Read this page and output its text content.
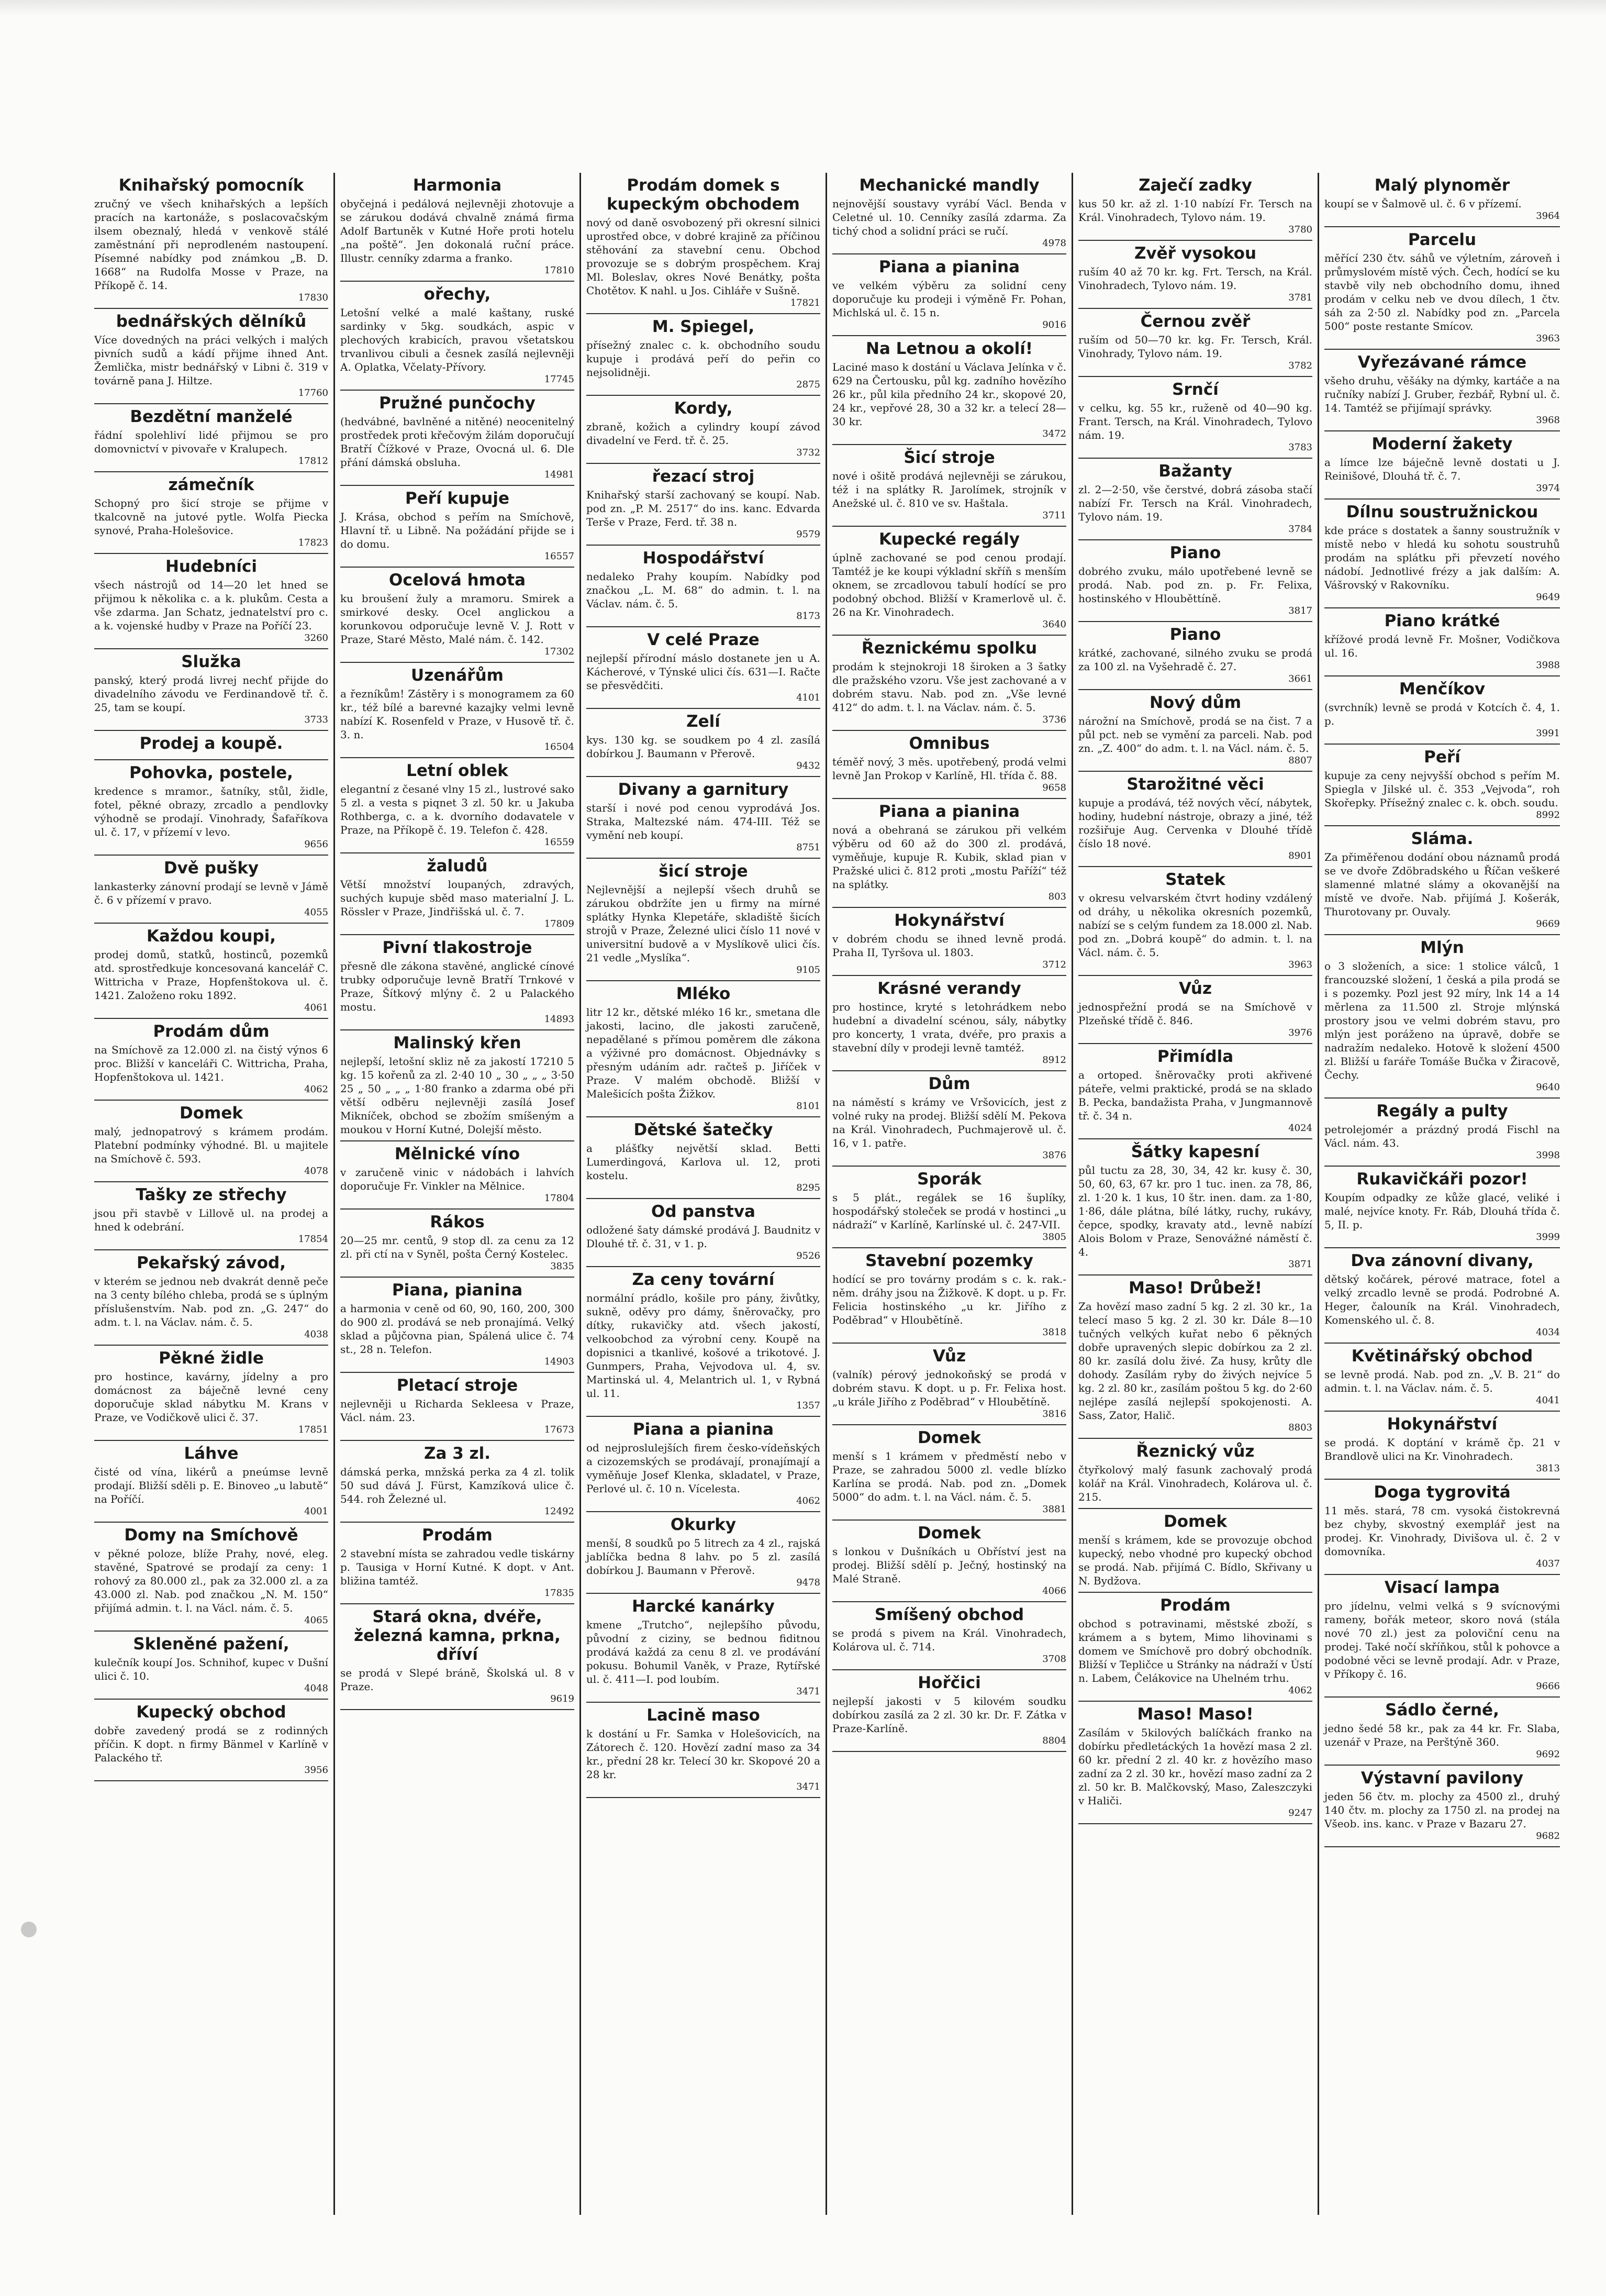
Knihařský pomocník

zručný ve všech knihařských a lepších pracích na kartonáže, s poslacovačským ilsem obeznalý, hledá v venkově stálé zaměstnání při neprodleném nastoupení. Písemné nabídky pod známkou „B. D. 1668“ na Rudolfa Mosse v Praze, na Příkopě č. 14.

17830
bednářských dělníků

Více dovedných na práci velkých i malých pivních sudů a kádí přijme ihned Ant. Žemlička, mistr bednářský v Libni č. 319 v továrně pana J. Hiltze.

17760
Bezdětní manželé

řádní spolehliví lidé přijmou se pro domovnictví v pivovaře v Kralupech.

17812
zámečník

Schopný pro šicí stroje se přijme v tkalcovně na jutové pytle. Wolfa Piecka synové, Praha-Holešovice.

17823
Hudebníci

všech nástrojů od 14—20 let hned se přijmou k několika c. a k. plukům. Cesta a vše zdarma. Jan Schatz, jednatelství pro c. a k. vojenské hudby v Praze na Poříčí 23.

3260
Služka

panský, který prodá livrej nechť přijde do divadelního závodu ve Ferdinandově tř. č. 25, tam se koupí.

3733
Prodej a koupě.

Pohovka, postele,

kredence s mramor., šatníky, stůl, židle, fotel, pěkné obrazy, zrcadlo a pendlovky výhodně se prodají. Vinohrady, Šafaříkova ul. č. 17, v přízemí v levo.

9656
Dvě pušky

lankasterky zánovní prodají se levně v Jámě č. 6 v přízemí v pravo.

4055
Každou koupi,

prodej domů, statků, hostinců, pozemků atd. sprostředkuje koncesovaná kancelář C. Wittricha v Praze, Hopfenštokova ul. č. 1421. Založeno roku 1892.

4061
Prodám dům

na Smíchově za 12.000 zl. na čistý výnos 6 proc. Bližší v kanceláři C. Wittricha, Praha, Hopfenštokova ul. 1421.

4062
Domek

malý, jednopatrový s krámem prodám. Platební podmínky výhodné. Bl. u majitele na Smíchově č. 593.

4078
Tašky ze střechy

jsou při stavbě v Lillově ul. na prodej a hned k odebrání.

17854
Pekařský závod,

v kterém se jednou neb dvakrát denně peče na 3 centy bílého chleba, prodá se s úplným příslušenstvím. Nab. pod zn. „G. 247“ do adm. t. l. na Václav. nám. č. 5.

4038
Pěkné židle

pro hostince, kavárny, jídelny a pro domácnost za báječně levné ceny doporučuje sklad nábytku M. Krans v Praze, ve Vodičkově ulici č. 37.

17851
Láhve

čisté od vína, likérů a pneúmse levně prodají. Bližší sděli p. E. Binoveo „u labutě“ na Poříčí.

4001
Domy na Smíchově

v pěkné poloze, blíže Prahy, nové, eleg. stavěné, Spatrové se prodají za ceny: 1 rohový za 80.000 zl., pak za 32.000 zl. a za 43.000 zl. Nab. pod značkou „N. M. 150“ přijímá admin. t. l. na Václ. nám. č. 5.

4065
Skleněné pažení,

kulečník koupí Jos. Schnihof, kupec v Dušní ulici č. 10.

4048
Kupecký obchod

dobře zavedený prodá se z rodinných příčin. K dopt. n firmy Bänmel v Karlíně v Palackého tř.

3956
Harmonia

obyčejná i pedálová nejlevněji zhotovuje a se zárukou dodává chvalně známá firma Adolf Bartuněk v Kutné Hoře proti hotelu „na poště“. Jen dokonalá ruční práce. Illustr. cenníky zdarma a franko.

17810
ořechy,

Letošní velké a malé kaštany, ruské sardinky v 5kg. soudkách, aspic v plechových krabicích, pravou všetatskou trvanlivou cibuli a česnek zasílá nejlevněji A. Oplatka, Včelaty-Přívory.

17745
Pružné punčochy

(hedvábné, bavlněné a nitěné) neocenitelný prostředek proti křečovým žilám doporučují Bratří Čížkové v Praze, Ovocná ul. 6. Dle přání dámská obsluha.

14981
Peří kupuje

J. Krása, obchod s peřím na Smíchově, Hlavní tř. u Libně. Na požádání přijde se i do domu.

16557
Ocelová hmota

ku broušení žuly a mramoru. Smirek a smirkové desky. Ocel anglickou a korunkovou odporučuje levně V. J. Rott v Praze, Staré Město, Malé nám. č. 142.

17302
Uzenářům

a řezníkům! Zástěry i s monogramem za 60 kr., též bílé a barevné kazajky velmi levně nabízí K. Rosenfeld v Praze, v Husově tř. č. 3. n.

16504
Letní oblek

elegantní z česané vlny 15 zl., lustrové sako 5 zl. a vesta s piqnet 3 zl. 50 kr. u Jakuba Rothberga, c. a k. dvorního dodavatele v Praze, na Příkopě č. 19. Telefon č. 428.

16559
žaludů

Větší množství loupaných, zdravých, suchých kupuje sběd maso materialní J. L. Rössler v Praze, Jindřišská ul. č. 7.

17809
Pivní tlakostroje

přesně dle zákona stavěné, anglické cínové trubky odporučuje levně Bratří Trnkové v Praze, Šítkový mlýny č. 2 u Palackého mostu.

14893
Malinský křen

nejlepší, letošní skliz ně za jakostí 17210 5 kg. 15 kořenů za zl. 2·40 10 „ 30 „ „ „ 3·50 25 „ 50 „ „ „ 1·80 franko a zdarma obé při větší odběru nejlevněji zasílá Josef Mikníček, obchod se zbožím smíšeným a moukou v Horní Kutné, Dolejší město.

Mělnické víno

v zaručeně vinic v nádobách i lahvích doporučuje Fr. Vinkler na Mělnice.

17804
Rákos

20—25 mr. centů, 9 stop dl. za cenu za 12 zl. při ctí na v Syněl, pošta Černý Kostelec.

3835
Piana, pianina

a harmonia v ceně od 60, 90, 160, 200, 300 do 900 zl. prodává se neb pronajímá. Velký sklad a půjčovna pian, Spálená ulice č. 74 st., 28 n. Telefon.

14903
Pletací stroje

nejlevněji u Richarda Sekleesa v Praze, Václ. nám. 23.

17673
Za 3 zl.

dámská perka, mnžská perka za 4 zl. tolik 50 sud dává J. Fürst, Kamzíková ulice č. 544. roh Železné ul.

12492
Prodám

2 stavební místa se zahradou vedle tiskárny p. Tausiga v Horní Kutné. K dopt. v Ant. bližina tamtéž.

17835
Stará okna, dvéře, železná kamna, prkna, dříví

se prodá v Slepé bráně, Školská ul. 8 v Praze.

9619
Prodám domek s kupeckým obchodem

nový od daně osvobozený při okresní silnici uprostřed obce, v dobré krajině za příčinou stěhování za stavební cenu. Obchod provozuje se s dobrým prospěchem. Kraj Ml. Boleslav, okres Nové Benátky, pošta Chotětov. K nahl. u Jos. Cihláře v Sušně.

17821
M. Spiegel,

přísežný znalec c. k. obchodního soudu kupuje i prodává peří do peřin co nejsolidněji.

2875
Kordy,

zbraně, kožich a cylindry koupí závod divadelní ve Ferd. tř. č. 25.

3732
řezací stroj

Knihařský starší zachovaný se koupí. Nab. pod zn. „P. M. 2517“ do ins. kanc. Edvarda Terše v Praze, Ferd. tř. 38 n.

9579
Hospodářství

nedaleko Prahy koupím. Nabídky pod značkou „L. M. 68“ do admin. t. l. na Václav. nám. č. 5.

8173
V celé Praze

nejlepší přírodní máslo dostanete jen u A. Kácherové, v Týnské ulici čís. 631—I. Račte se přesvědčiti.

4101
Zelí

kys. 130 kg. se soudkem po 4 zl. zasílá dobírkou J. Baumann v Přerově.

9432
Divany a garnitury

starší i nové pod cenou vyprodává Jos. Straka, Maltezské nám. 474-III. Též se vymění neb koupí.

8751
šicí stroje

Nejlevnější a nejlepší všech druhů se zárukou obdržíte jen u firmy na mírné splátky Hynka Klepetáře, skladiště šicích strojů v Praze, Železné ulici číslo 11 nové v universitní budově a v Myslíkově ulici čís. 21 vedle „Myslíka“.

9105
Mléko

litr 12 kr., dětské mléko 16 kr., smetana dle jakosti, lacino, dle jakosti zaručeně, nepadělané s přímou poměrem dle zákona a výživné pro domácnost. Objednávky s přesným udáním adr. račteš p. Jiříček v Praze. V malém obchodě. Bližší v Malešicích pošta Žižkov.

8101
Dětské šatečky

a plášťky největší sklad. Betti Lumerdingová, Karlova ul. 12, proti kostelu.

8295
Od panstva

odložené šaty dámské prodává J. Baudnitz v Dlouhé tř. č. 31, v 1. p.

9526
Za ceny tovární

normální prádlo, košile pro pány, živůtky, sukně, oděvy pro dámy, šněrovačky, pro dítky, rukavičky atd. všech jakostí, velkoobchod za výrobní ceny. Koupě na dopisnici a tkanlivé, košové a trikotové. J. Gunmpers, Praha, Vejvodova ul. 4, sv. Martinská ul. 4, Melantrich ul. 1, v Rybná ul. 11.

1357
Piana a pianina

od nejproslulejších firem česko-vídeňských a cizozemských se prodávají, pronajímají a vyměňuje Josef Klenka, skladatel, v Praze, Perlové ul. č. 10 n. Vícelesta.

4062
Okurky

menší, 8 soudků po 5 litrech za 4 zl., rajská jablíčka bedna 8 lahv. po 5 zl. zasílá dobírkou J. Baumann v Přerově.

9478
Harcké kanárky

kmene „Trutcho“, nejlepšího původu, původní z ciziny, se bednou fiditnou prodává každá za cenu 8 zl. ve prodávání pokusu. Bohumil Vaněk, v Praze, Rytířské ul. č. 411—I. pod loubím.

3471
Lacině maso

k dostání u Fr. Samka v Holešovicích, na Zátorech č. 120. Hovězí zadní maso za 34 kr., přední 28 kr. Telecí 30 kr. Skopové 20 a 28 kr.

3471
Mechanické mandly

nejnovější soustavy vyrábí Václ. Benda v Celetné ul. 10. Cenníky zasílá zdarma. Za tichý chod a solidní práci se ručí.

4978
Piana a pianina

ve velkém výběru za solidní ceny doporučuje ku prodeji i výměně Fr. Pohan, Michlská ul. č. 15 n.

9016
Na Letnou a okolí!

Laciné maso k dostání u Václava Jelínka v č. 629 na Čertousku, půl kg. zadního hovězího 26 kr., půl kila předního 24 kr., skopové 20, 24 kr., vepřové 28, 30 a 32 kr. a telecí 28—30 kr.

3472
Šicí stroje

nové i ošitě prodává nejlevněji se zárukou, též i na splátky R. Jarolímek, strojník v Anežské ul. č. 810 ve sv. Haštala.

3711
Kupecké regály

úplně zachované se pod cenou prodají. Tamtéž je ke koupi výkladní skříň s menším oknem, se zrcadlovou tabulí hodící se pro podobný obchod. Bližší v Kramerlově ul. č. 26 na Kr. Vinohradech.

3640
Řeznickému spolku

prodám k stejnokroji 18 široken a 3 šatky dle pražského vzoru. Vše jest zachované a v dobrém stavu. Nab. pod zn. „Vše levné 412“ do adm. t. l. na Václav. nám. č. 5.

3736
Omnibus

téměř nový, 3 měs. upotřebený, prodá velmi levně Jan Prokop v Karlíně, Hl. třída č. 88.

9658
Piana a pianina

nová a obehraná se zárukou při velkém výběru od 60 až do 300 zl. prodává, vyměňuje, kupuje R. Kubik, sklad pian v Pražské ulici č. 812 proti „mostu Paříží“ též na splátky.

803
Hokynářství

v dobrém chodu se ihned levně prodá. Praha II, Tyršova ul. 1803.

3712
Krásné verandy

pro hostince, kryté s letohrádkem nebo hudební a divadelní scénou, sály, nábytky pro koncerty, 1 vrata, dvéře, pro praxis a stavební díly v prodeji levně tamtéž.

8912
Dům

na náměstí s krámy ve Vršovicích, jest z volné ruky na prodej. Bližší sdělí M. Pekova na Král. Vinohradech, Puchmajerově ul. č. 16, v 1. patře.

3876
Sporák

s 5 plát., regálek se 16 šuplíky, hospodářský stoleček se prodá v hostinci „u nádraží“ v Karlíně, Karlínské ul. č. 247-VII.

3805
Stavební pozemky

hodící se pro továrny prodám s c. k. rak.-něm. dráhy jsou na Žižkově. K dopt. u p. Fr. Felicia hostinského „u kr. Jiřího z Poděbrad“ v Hloubětíně.

3818
Vůz

(valník) pérový jednokoňský se prodá v dobrém stavu. K dopt. u p. Fr. Felixa host. „u krále Jiřího z Poděbrad“ v Hloubětíně.

3816
Domek

menší s 1 krámem v předměstí nebo v Praze, se zahradou 5000 zl. vedle blízko Karlína se prodá. Nab. pod zn. „Domek 5000“ do adm. t. l. na Václ. nám. č. 5.

3881
Domek

s lonkou v Dušníkách u Obříství jest na prodej. Bližší sdělí p. Ječný, hostinský na Malé Straně.

4066
Smíšený obchod

se prodá s pivem na Král. Vinohradech, Kolárova ul. č. 714.

3708
Hořčici

nejlepší jakosti v 5 kilovém soudku dobírkou zasílá za 2 zl. 30 kr. Dr. F. Zátka v Praze-Karlíně.

8804
Zaječí zadky

kus 50 kr. až zl. 1·10 nabízí Fr. Tersch na Král. Vinohradech, Tylovo nám. 19.

3780
Zvěř vysokou

ruším 40 až 70 kr. kg. Frt. Tersch, na Král. Vinohradech, Tylovo nám. 19.

3781
Černou zvěř

ruším od 50—70 kr. kg. Fr. Tersch, Král. Vinohrady, Tylovo nám. 19.

3782
Srnčí

v celku, kg. 55 kr., ruženě od 40—90 kg. Frant. Tersch, na Král. Vinohradech, Tylovo nám. 19.

3783
Bažanty

zl. 2—2·50, vše čerstvé, dobrá zásoba stačí nabízí Fr. Tersch na Král. Vinohradech, Tylovo nám. 19.

3784
Piano

dobrého zvuku, málo upotřebené levně se prodá. Nab. pod zn. p. Fr. Felixa, hostinského v Hlouběttíně.

3817
Piano

krátké, zachované, silného zvuku se prodá za 100 zl. na Vyšehradě č. 27.

3661
Nový dům

nárožní na Smíchově, prodá se na čist. 7 a půl pct. neb se vymění za parceli. Nab. pod zn. „Z. 400“ do adm. t. l. na Václ. nám. č. 5.

8807
Starožitné věci

kupuje a prodává, též nových věcí, nábytek, hodiny, hudební nástroje, obrazy a jiné, též rozšiřuje Aug. Cervenka v Dlouhé třídě číslo 18 nové.

8901
Statek

v okresu velvarském čtvrt hodiny vzdálený od dráhy, u několika okresních pozemků, nabízí se s celým fundem za 18.000 zl. Nab. pod zn. „Dobrá koupě“ do admin. t. l. na Václ. nám. č. 5.

3963
Vůz

jednospřežní prodá se na Smíchově v Plzeňské třídě č. 846.

3976
Přimídla

a ortoped. šněrovačky proti akřivené páteře, velmi praktické, prodá se na sklado B. Pecka, bandažista Praha, v Jungmannově tř. č. 34 n.

4024
Šátky kapesní

půl tuctu za 28, 30, 34, 42 kr. kusy č. 30, 50, 60, 63, 67 kr. pro 1 tuc. inen. za 78, 86, zl. 1·20 k. 1 kus, 10 štr. inen. dam. za 1·80, 1·86, dále plátna, bílé látky, ruchy, rukávy, čepce, spodky, kravaty atd., levně nabízí Alois Bolom v Praze, Senovážné náměstí č. 4.

3871
Maso! Drůbež!

Za hovězí maso zadní 5 kg. 2 zl. 30 kr., 1a telecí maso 5 kg. 2 zl. 30 kr. Dále 8—10 tučných velkých kuřat nebo 6 pěkných dobře upravených slepic dobírkou za 2 zl. 80 kr. zasílá dolu živé. Za husy, krůty dle dohody. Zasílám ryby do živých nejvíce 5 kg. 2 zl. 80 kr., zasílám poštou 5 kg. do 2·60 nejlépe zasílá nejlepší spokojenosti. A. Sass, Zator, Halič.

8803
Řeznický vůz

čtyřkolový malý fasunk zachovalý prodá kolář na Král. Vinohradech, Kolárova ul. č. 215.

Domek

menší s krámem, kde se provozuje obchod kupecký, nebo vhodné pro kupecký obchod se prodá. Nab. přijímá C. Bídlo, Skřivany u N. Bydžova.

Prodám

obchod s potravinami, městské zboží, s krámem a s bytem, Mimo lihovinami s domem ve Smíchově pro dobrý obchodník. Bližší v Tepličce u Stránky na nádraží v Ústí n. Labem, Čelákovice na Uhelném trhu.

4062
Maso! Maso!

Zasílám v 5kilových balíčkách franko na dobírku předletáckých 1a hovězí masa 2 zl. 60 kr. přední 2 zl. 40 kr. z hovězího maso zadní za 2 zl. 30 kr., hovězí maso zadní za 2 zl. 50 kr. B. Malčkovský, Maso, Zaleszczyki v Haliči.

9247
Malý plynoměr

koupí se v Šalmově ul. č. 6 v přízemí.

3964
Parcelu

měřící 230 čtv. sáhů ve výletním, zároveň i průmyslovém místě vých. Čech, hodící se ku stavbě vily neb obchodního domu, ihned prodám v celku neb ve dvou dílech, 1 čtv. sáh za 2·50 zl. Nabídky pod zn. „Parcela 500“ poste restante Smícov.

3963
Vyřezávané rámce

všeho druhu, věšáky na dýmky, kartáče a na ručníky nabízí J. Gruber, řezbář, Rybní ul. č. 14. Tamtéž se přijímají správky.

3968
Moderní žakety

a límce lze báječně levně dostati u J. Reinišové, Dlouhá tř. č. 7.

3974
Dílnu soustružnickou

kde práce s dostatek a šanny soustružník v místě nebo v hledá ku sohotu soustruhů prodám na splátku při převzetí nového nádobí. Jednotlivé frézy a jak dalším: A. Vášrovský v Rakovníku.

9649
Piano krátké

křížové prodá levně Fr. Mošner, Vodičkova ul. 16.

3988
Menčíkov

(svrchník) levně se prodá v Kotcích č. 4, 1. p.

3991
Peří

kupuje za ceny nejvyšší obchod s peřím M. Spiegla v Jilské ul. č. 353 „Vejvoda“, roh Skořepky. Přísežný znalec c. k. obch. soudu.

8992
Sláma.

Za přiměřenou dodání obou náznamů prodá se ve dvoře Zdöbradského u Říčan veškeré slamenné mlatné slámy a okovanější na místě ve dvoře. Nab. přijímá J. Košerák, Thurotovany pr. Ouvaly.

9669
Mlýn

o 3 složeních, a sice: 1 stolice válců, 1 francouzské složení, 1 česká a pila prodá se i s pozemky. Pozl jest 92 míry, lnk 14 a 14 měrlena za 11.500 zl. Stroje mlýnská prostory jsou ve velmi dobrém stavu, pro mlýn jest poráženo na úpravě, dobře se nadražím nedaleko. Hotově k složení 4500 zl. Bližší u faráře Tomáše Bučka v Žiracově, Čechy.

9640
Regály a pulty

petrolejomér a prázdný prodá Fischl na Václ. nám. 43.

3998
Rukavičkáři pozor!

Koupím odpadky ze kůže glacé, veliké i malé, nejvíce knoty. Fr. Ráb, Dlouhá třída č. 5, II. p.

3999
Dva zánovní divany,

dětský kočárek, pérové matrace, fotel a velký zrcadlo levně se prodá. Podrobné A. Heger, čalouník na Král. Vinohradech, Komenského ul. č. 8.

4034
Květinářský obchod

se levně prodá. Nab. pod zn. „V. B. 21“ do admin. t. l. na Václav. nám. č. 5.

4041
Hokynářství

se prodá. K doptání v krámě čp. 21 v Brandlově ulici na Kr. Vinohradech.

3813
Doga tygrovitá

11 měs. stará, 78 cm. vysoká čistokrevná bez chyby, skvostný exemplář jest na prodej. Kr. Vinohrady, Divišova ul. č. 2 v domovníka.

4037
Visací lampa

pro jídelnu, velmi velká s 9 svícnovými rameny, bořák meteor, skoro nová (stála nové 70 zl.) jest za poloviční cenu na prodej. Také nočí skříňkou, stůl k pohovce a podobné věci se levně prodají. Adr. v Praze, v Příkopy č. 16.

9666
Sádlo černé,

jedno šedé 58 kr., pak za 44 kr. Fr. Slaba, uzenář v Praze, na Perštýně 360.

9692
Výstavní pavilony

jeden 56 čtv. m. plochy za 4500 zl., druhý 140 čtv. m. plochy za 1750 zl. na prodej na Všeob. ins. kanc. v Praze v Bazaru 27.

9682
